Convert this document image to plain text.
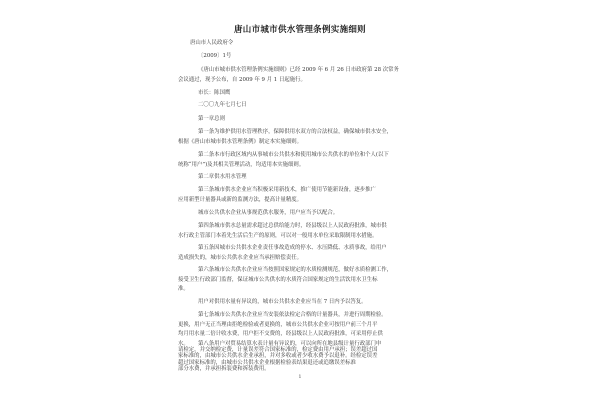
唐山市城市供水管理条例实施细则
唐山市人民政府令
〔2009〕1号
《唐山市城市供水管理条例实施细则》已经 2009 年 6 月 26 日市政府第 28 次常务
会议通过，现予公布，自 2009 年 9 月 1 日起施行。
市长：陈国鹰
二〇〇九年七月七日
第一章总则
第一条为维护供用水管理秩序，保障供用水双方的合法权益，确保城市供水安全，
根据《唐山市城市供水管理条例》制定本实施细则。
第二条本市行政区域内从事城市公共供水和使用城市公共供水的单位和个人(以下
统称“用户”)及其相关管理活动，均适用本实施细则。
第二章供水用水管理
第三条城市供水企业应当积极采用新技术，推广使用节能新设备，逐步推广
应用新型计量器具或新的监测方法，提高计量精度。
城市公共供水企业从事规范供水服务，用户应当予以配合。
第四条城市供水总量需求超过总供给能力时，经县级以上人民政府批准，城市供
水行政主管部门本着先生活后生产的原则，可以对一般用水单位采取限制用水措施。
第五条因城市公共供水企业责任事故造成的停水、水压降低、水质事故，给用户
造成损失的，城市公共供水企业应当承担赔偿责任。
第六条城市公共供水企业应当按照国家规定的水质检测规范，做好水质检测工作，
接受卫生行政部门监督，保证城市公共供水的水质符合国家规定的生活饮用水卫生标
准。
用户对供用水量有异议的，城市公共供水企业应当在 7 日内予以答复。
第七条城市公共供水企业应当安装依法检定合格的计量器具，并进行周期检验。
更换，用户无正当理由拒绝检验或者更换的，城市公共供水企业可按用户前三个月平
均月用水量二倍计收水费，用户拒不交费的，经县级以上人民政府批准，可采用停止供
水。	第八条用户对贸易结算水表计量有异议的，可以向所在地县级计量行政部门申
请检定，并交纳检定费，计量误差符合国家标准的，检定费由用户承担；误差超过国
家标准的，由城市公共供水企业承担，并对多收或者少收水费予以退补。经检定误差
超过国家标准的，由城市公共供水企业根据检验表结果退还或追缴误差标准
部分水费，并承担拆装费和拆装费用。
1
